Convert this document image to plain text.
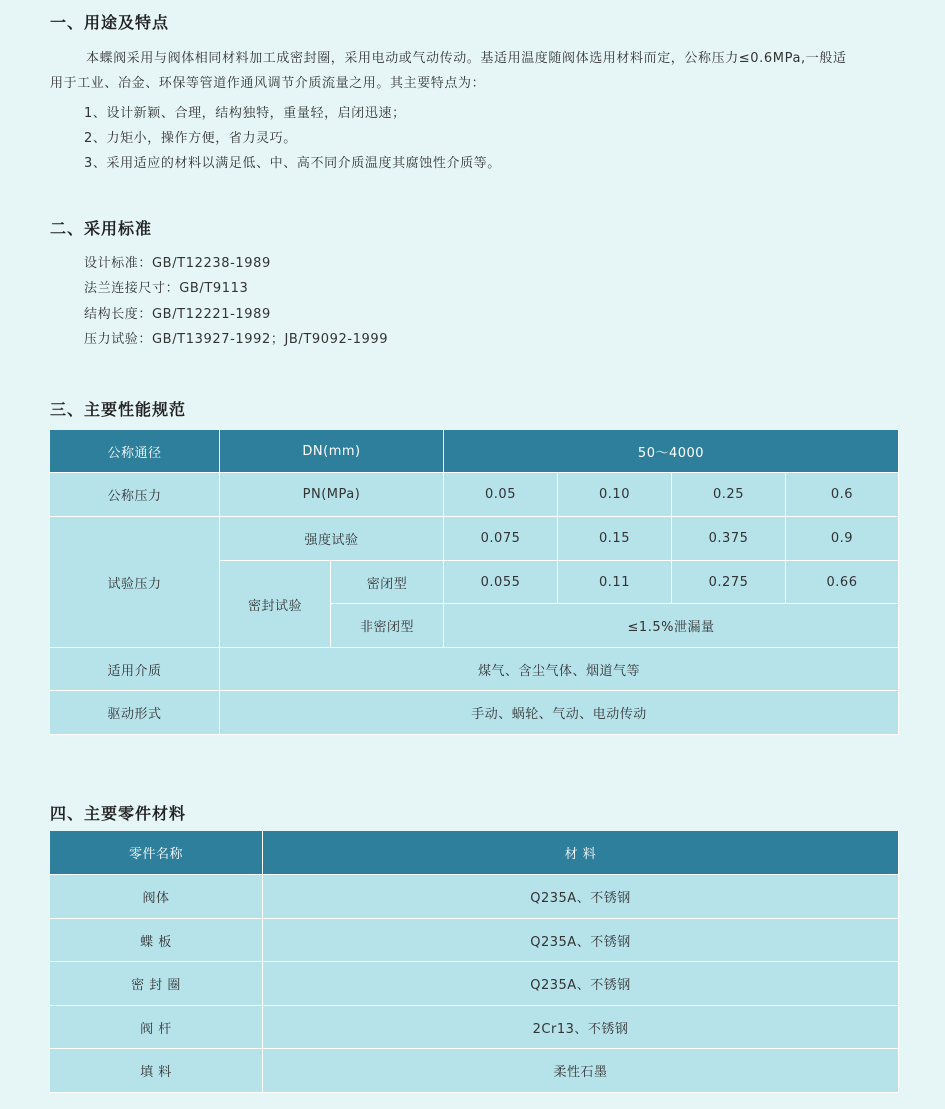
一、用途及特点
本蝶阀采用与阀体相同材料加工成密封圈，采用电动或气动传动。基适用温度随阀体选用材料而定，公称压力≤0.6MPa,一般适
用于工业、冶金、环保等管道作通风调节介质流量之用。其主要特点为：
1、设计新颖、合理，结构独特，重量轻，启闭迅速；
2、力矩小，操作方便，省力灵巧。
3、采用适应的材料以满足低、中、高不同介质温度其腐蚀性介质等。
二、采用标准
设计标准：GB/T12238-1989
法兰连接尺寸：GB/T9113
结构长度：GB/T12221-1989
压力试验：GB/T13927-1992；JB/T9092-1999
三、主要性能规范
公称通径	DN(mm)	50～4000
公称压力	PN(MPa)	0.05	0.10	0.25	0.6
试验压力
强度试验	0.075	0.15	0.375	0.9
密封试验
密闭型	0.055	0.11	0.275	0.66
非密闭型	≤1.5%泄漏量
适用介质	煤气、含尘气体、烟道气等
驱动形式	手动、蜗轮、气动、电动传动
四、主要零件材料
零件名称	材 料
阀体	Q235A、不锈钢
蝶 板	Q235A、不锈钢
密 封 圈	Q235A、不锈钢
阀 杆	2Cr13、不锈钢
填 料	柔性石墨
